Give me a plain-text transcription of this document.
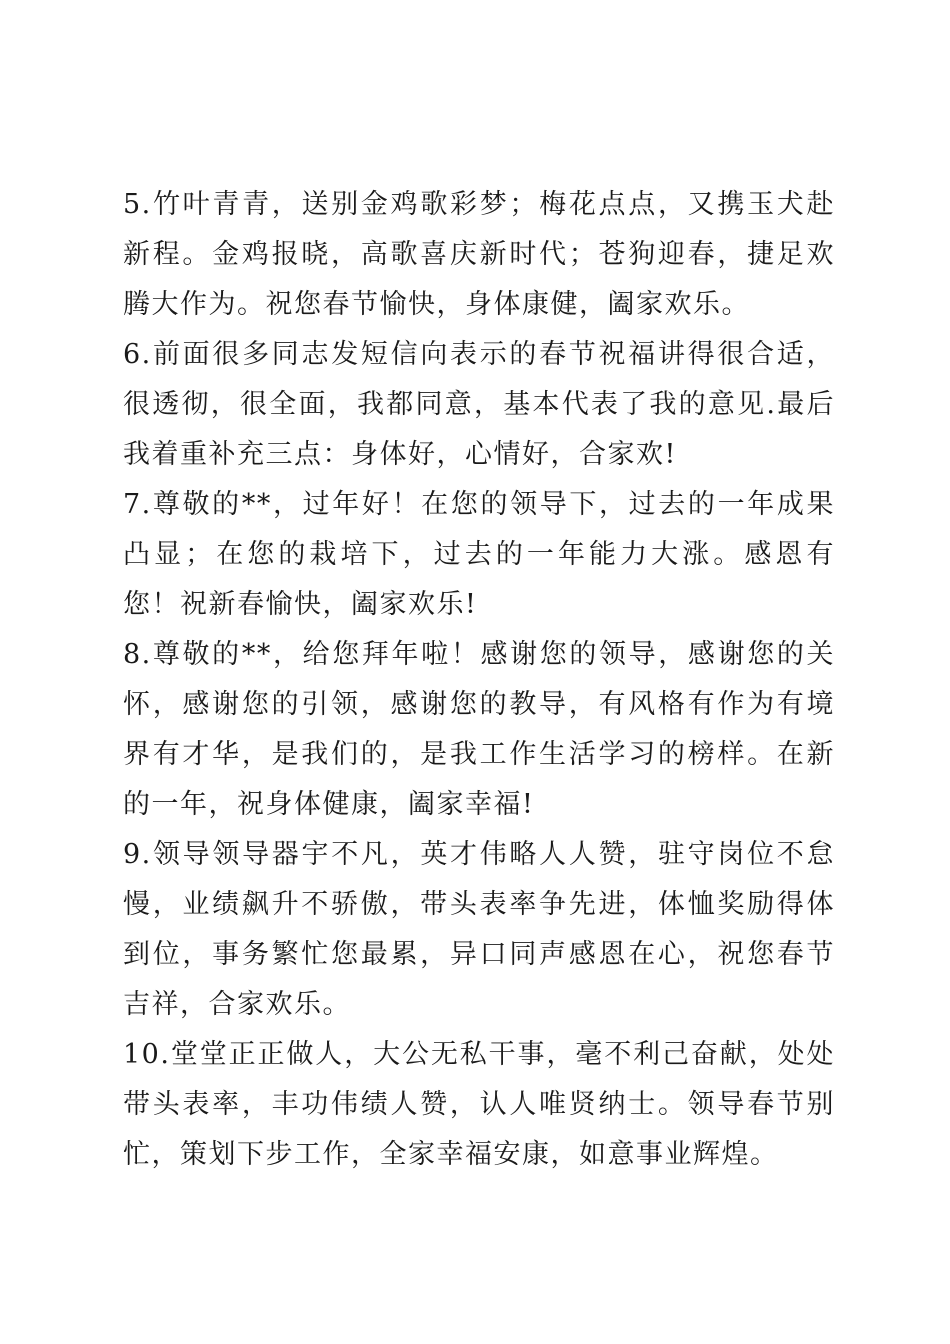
5.竹叶青青，送别金鸡歌彩梦；梅花点点，又携玉犬赴新程。金鸡报晓，高歌喜庆新时代；苍狗迎春，捷足欢腾大作为。祝您春节愉快，身体康健，阖家欢乐。

6.前面很多同志发短信向表示的春节祝福讲得很合适，很透彻，很全面，我都同意，基本代表了我的意见.最后我着重补充三点：身体好，心情好，合家欢!

7.尊敬的**，过年好！在您的领导下，过去的一年成果凸显；在您的栽培下，过去的一年能力大涨。感恩有您！祝新春愉快，阖家欢乐!

8.尊敬的**，给您拜年啦！感谢您的领导，感谢您的关怀，感谢您的引领，感谢您的教导，有风格有作为有境界有才华，是我们的，是我工作生活学习的榜样。在新的一年，祝身体健康，阖家幸福!

9.领导领导器宇不凡，英才伟略人人赞，驻守岗位不怠慢，业绩飙升不骄傲，带头表率争先进，体恤奖励得体到位，事务繁忙您最累，异口同声感恩在心，祝您春节吉祥，合家欢乐。

10.堂堂正正做人，大公无私干事，毫不利己奋献，处处带头表率，丰功伟绩人赞，认人唯贤纳士。领导春节别忙，策划下步工作，全家幸福安康，如意事业辉煌。
